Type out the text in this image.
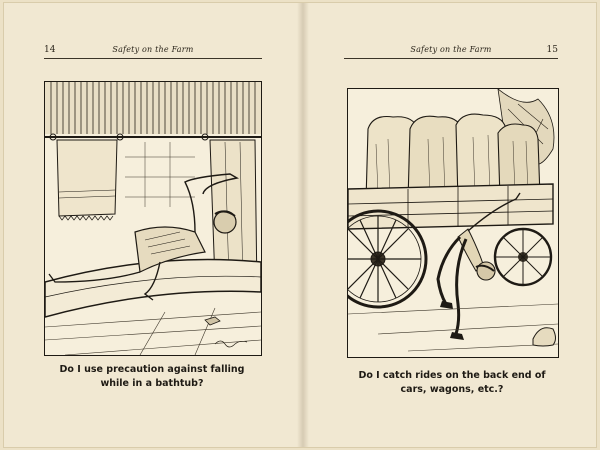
14	Safety on the Farm
Do I use precaution against falling
while in a bathtub?
Safety on the Farm	15
Do I catch rides on the back end of
cars, wagons, etc.?
